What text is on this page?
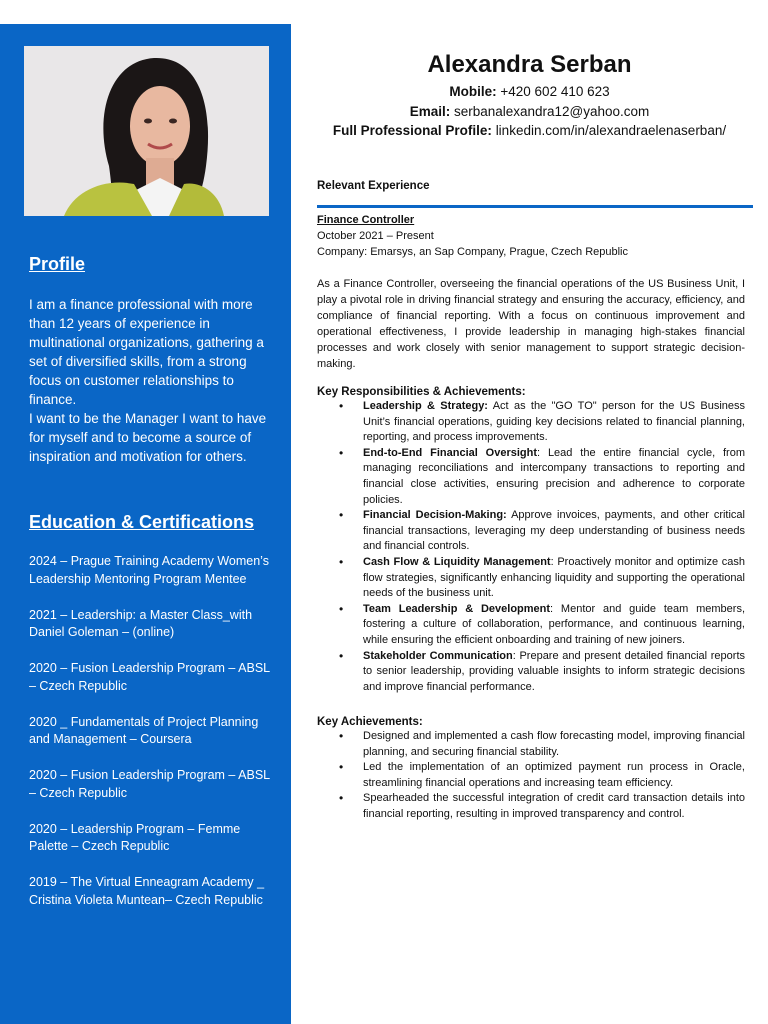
Profile

I am a finance professional with more than 12 years of experience in multinational organizations, gathering a set of diversified skills, from a strong focus on customer relationships to finance.

I want to be the Manager I want to have for myself and to become a source of inspiration and motivation for others.

Education & Certifications
2024 – Prague Training Academy Women’s Leadership Mentoring Program Mentee
2021 – Leadership: a Master Class_with Daniel Goleman – (online)
2020 – Fusion Leadership Program – ABSL – Czech Republic
2020 _ Fundamentals of Project Planning and Management – Coursera
2020 – Fusion Leadership Program – ABSL – Czech Republic
2020 – Leadership Program – Femme Palette – Czech Republic
2019 – The Virtual Enneagram Academy _ Cristina Violeta Muntean– Czech Republic
Alexandra Serban
Mobile: +420 602 410 623
Email: serbanalexandra12@yahoo.com
Full Professional Profile: linkedin.com/in/alexandraelenaserban/
Relevant Experience
Finance Controller
October 2021 – Present
Company: Emarsys, an Sap Company, Prague, Czech Republic
As a Finance Controller, overseeing the financial operations of the US Business Unit, I play a pivotal role in driving financial strategy and ensuring the accuracy, efficiency, and compliance of financial reporting. With a focus on continuous improvement and operational effectiveness, I provide leadership in managing high-stakes financial processes and work closely with senior management to support strategic decision-making.
Key Responsibilities & Achievements:
• Leadership & Strategy: Act as the "GO TO" person for the US Business Unit’s financial operations, guiding key decisions related to financial planning, reporting, and process improvements.
• End-to-End Financial Oversight: Lead the entire financial cycle, from managing reconciliations and intercompany transactions to reporting and financial close activities, ensuring precision and adherence to corporate policies.
• Financial Decision-Making: Approve invoices, payments, and other critical financial transactions, leveraging my deep understanding of business needs and financial controls.
• Cash Flow & Liquidity Management: Proactively monitor and optimize cash flow strategies, significantly enhancing liquidity and supporting the operational needs of the business unit.
• Team Leadership & Development: Mentor and guide team members, fostering a culture of collaboration, performance, and continuous learning, while ensuring the efficient onboarding and training of new joiners.
• Stakeholder Communication: Prepare and present detailed financial reports to senior leadership, providing valuable insights to inform strategic decisions and improve financial performance.
Key Achievements:
• Designed and implemented a cash flow forecasting model, improving financial planning, and securing financial stability.
• Led the implementation of an optimized payment run process in Oracle, streamlining financial operations and increasing team efficiency.
• Spearheaded the successful integration of credit card transaction details into financial reporting, resulting in improved transparency and control.
